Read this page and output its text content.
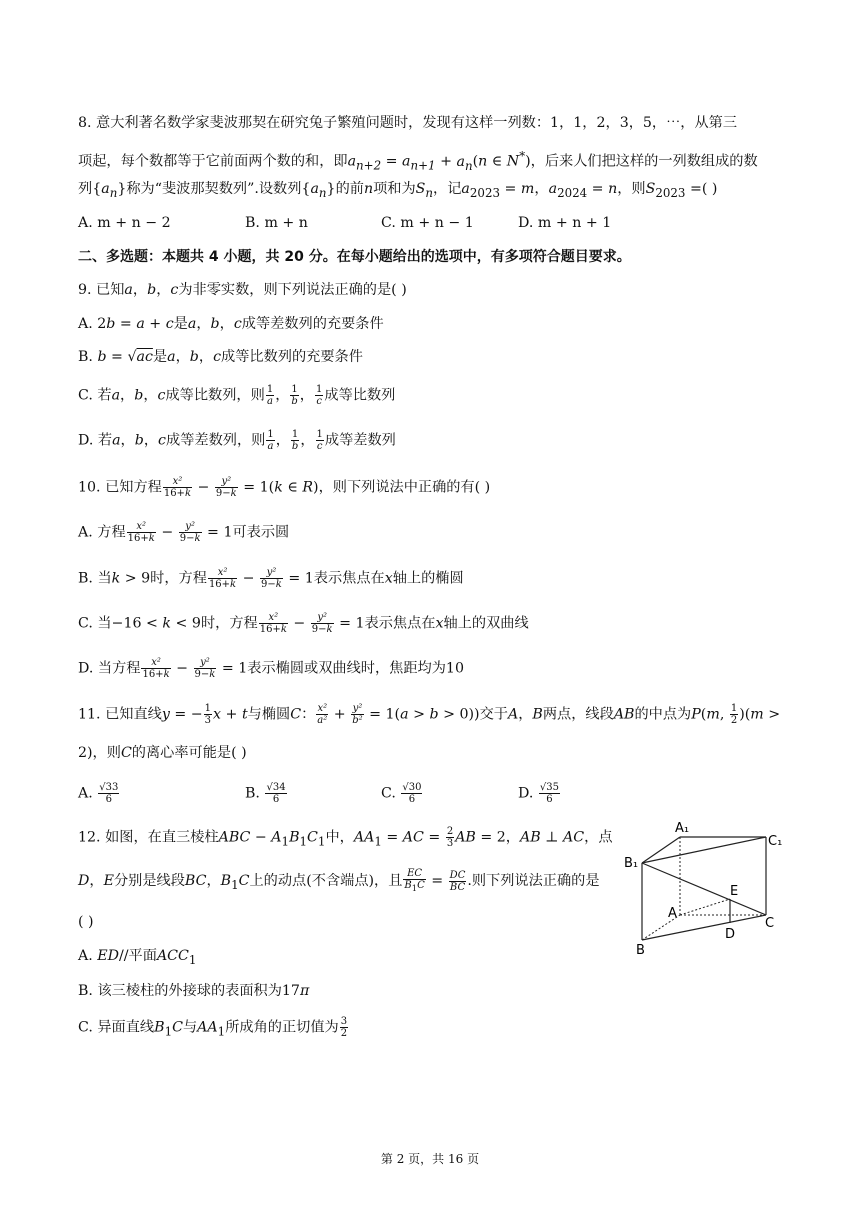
8. 意大利著名数学家斐波那契在研究兔子繁殖问题时，发现有这样一列数：1，1，2，3，5，⋯，从第三
项起，每个数都等于它前面两个数的和，即$a_{n+2} = a_{n+1} + a_n(n$ ∈ N*)，后来人们把这样的一列数组成的数
列$\{a_n\}$称为“斐波那契数列”.设数列$\{a_n\}$的前n项和为$S_n$，记$a_{2023} = m$，$a_{2024} = n$，则$S_{2023}$ =( )
A. m + n − 2	B. m + n	C. m + n − 1	D. m + n + 1
二、多选题：本题共 4 小题，共 20 分。在每小题给出的选项中，有多项符合题目要求。
9. 已知a，b，c为非零实数，则下列说法正确的是( )
A. 2b = a + c是a，b，c成等差数列的充要条件
B. b = √ac是a，b，c成等比数列的充要条件
C. 若a，b，c成等比数列，则 $\frac{1}{a}$ ， $\frac{1}{b}$ ， $\frac{1}{c}$ 成等比数列
D. 若a，b，c成等差数列，则 $\frac{1}{a}$ ， $\frac{1}{b}$ ， $\frac{1}{c}$ 成等差数列
10. 已知方程 $\frac{\text{x²}}{16+k} - \frac{\text{y²}}{9-k} = 1(k$ ∈ R)，则下列说法中正确的有( )
A. 方程 $\frac{\text{x²}}{16+k} - \frac{\text{y²}}{9-k} = 1$可表示圆
B. 当k > 9时，方程 $\frac{\text{x²}}{16+k} - \frac{\text{y²}}{9-k} = 1$表示焦点在x轴上的椭圆
C. 当−16 < k < 9时，方程 $\frac{\text{x²}}{16+k} - \frac{\text{y²}}{9-k} = 1$表示焦点在x轴上的双曲线
D. 当方程 $\frac{\text{x²}}{16+k} - \frac{\text{y²}}{9-k} = 1$表示椭圆或双曲线时，焦距均为10
11. 已知直线y = − $\frac{1}{3}$ x + t与椭圆C： $\frac{\text{x²}}{\text{a²}} + \frac{\text{y²}}{\text{b²}} = 1(a > b > 0)$)交于A，B两点，线段AB的中点为P(m, $\frac{1}{2} )(m$ >
2)，则C的离心率可能是( )
A. $\frac{√33}{6}$	B. $\frac{√34}{6}$	C. $\frac{√30}{6}$	D. $\frac{√35}{6}$
12. 如图，在直三棱柱ABC − $A_1B_1C_1$中，$AA_1$ = AC = $\frac{2}{3}$ AB = 2，AB ⊥ AC，点
D，E分别是线段BC，$B_1C$上的动点(不含端点)，且 $\frac{EC}{B_1C} = \frac{DC}{BC}$ .则下列说法正确的是
( )
A. ED//平面$ACC_1$
B. 该三棱柱的外接球的表面积为17π
C. 异面直线$B_1C$与$AA_1$所成角的正切值为 $\frac{3}{2}$
A₁
C₁
B₁
E
A
C
D
B
第 2 页，共 16 页
